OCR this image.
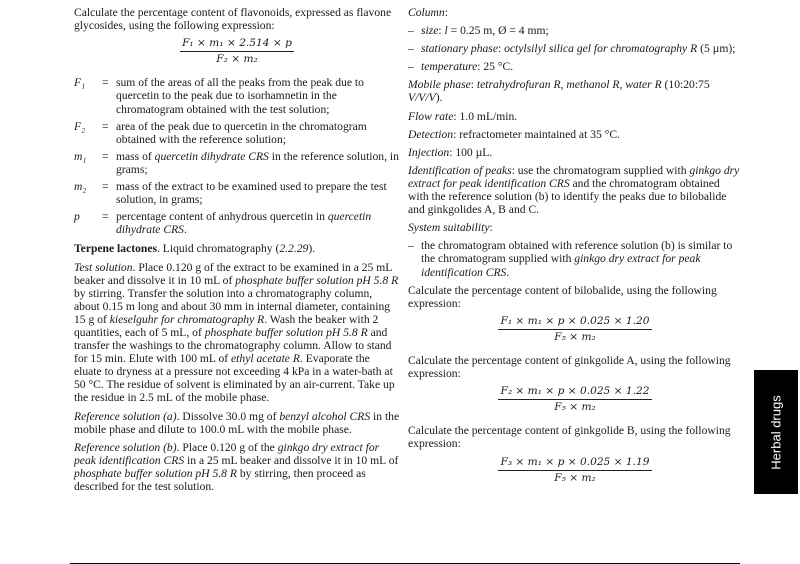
Calculate the percentage content of flavonoids, expressed as flavone glycosides, using the following expression:

$\frac{\text{F₁ × m₁ × 2.514 × p}}{\text{F₂ × m₂}}$
F₁	= sum of the areas of all the peaks from the peak due to quercetin to the peak due to isorhamnetin in the chromatogram obtained with the test solution;
F₂	= area of the peak due to quercetin in the chromatogram obtained with the reference solution;
m₁	= mass of quercetin dihydrate CRS in the reference solution, in grams;
m₂	= mass of the extract to be examined used to prepare the test solution, in grams;
p	= percentage content of anhydrous quercetin in quercetin dihydrate CRS.

Terpene lactones. Liquid chromatography (2.2.29).

Test solution. Place 0.120 g of the extract to be examined in a 25 mL beaker and dissolve it in 10 mL of phosphate buffer solution pH 5.8 R by stirring. Transfer the solution into a chromatography column, about 0.15 m long and about 30 mm in internal diameter, containing 15 g of kieselguhr for chromatography R. Wash the beaker with 2 quantities, each of 5 mL, of phosphate buffer solution pH 5.8 R and transfer the washings to the chromatography column. Allow to stand for 15 min. Elute with 100 mL of ethyl acetate R. Evaporate the eluate to dryness at a pressure not exceeding 4 kPa in a water-bath at 50 °C. The residue of solvent is eliminated by an air-current. Take up the residue in 2.5 mL of the mobile phase.

Reference solution (a). Dissolve 30.0 mg of benzyl alcohol CRS in the mobile phase and dilute to 100.0 mL with the mobile phase.

Reference solution (b). Place 0.120 g of the ginkgo dry extract for peak identification CRS in a 25 mL beaker and dissolve it in 10 mL of phosphate buffer solution pH 5.8 R by stirring, then proceed as described for the test solution.

Column:

– size: l = 0.25 m, Ø = 4 mm;
– stationary phase: octylsilyl silica gel for chromatography R (5 µm);
– temperature: 25 °C.

Mobile phase: tetrahydrofuran R, methanol R, water R (10:20:75 V/V/V).

Flow rate: 1.0 mL/min.

Detection: refractometer maintained at 35 °C.

Injection: 100 µL.

Identification of peaks: use the chromatogram supplied with ginkgo dry extract for peak identification CRS and the chromatogram obtained with the reference solution (b) to identify the peaks due to bilobalide and ginkgolides A, B and C.

System suitability:

– the chromatogram obtained with reference solution (b) is similar to the chromatogram supplied with ginkgo dry extract for peak identification CRS.

Calculate the percentage content of bilobalide, using the following expression:

$\frac{\text{F₁ × m₁ × p × 0.025 × 1.20}}{\text{F₅ × m₂}}$

Calculate the percentage content of ginkgolide A, using the following expression:

$\frac{\text{F₂ × m₁ × p × 0.025 × 1.22}}{\text{F₅ × m₂}}$

Calculate the percentage content of ginkgolide B, using the following expression:

$\frac{\text{F₃ × m₁ × p × 0.025 × 1.19}}{\text{F₅ × m₂}}$
Herbal drugs
